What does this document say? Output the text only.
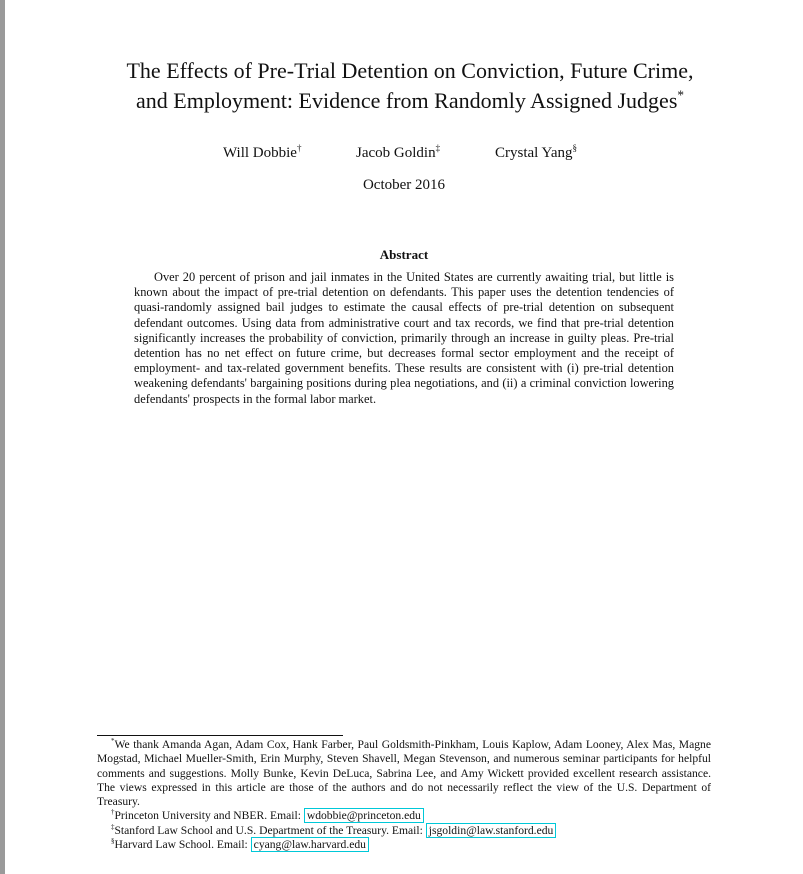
The Effects of Pre-Trial Detention on Conviction, Future Crime,
and Employment: Evidence from Randomly Assigned Judges*
Will Dobbie†	Jacob Goldin‡	Crystal Yang§
October 2016
Abstract

Over 20 percent of prison and jail inmates in the United States are currently awaiting trial, but little is known about the impact of pre-trial detention on defendants. This paper uses the detention tendencies of quasi-randomly assigned bail judges to estimate the causal effects of pre-trial detention on subsequent defendant outcomes. Using data from administrative court and tax records, we find that pre-trial detention significantly increases the probability of conviction, primarily through an increase in guilty pleas. Pre-trial detention has no net effect on future crime, but decreases formal sector employment and the receipt of employment- and tax-related government benefits. These results are consistent with (i) pre-trial detention weakening defendants' bargaining positions during plea negotiations, and (ii) a criminal conviction lowering defendants' prospects in the formal labor market.

*We thank Amanda Agan, Adam Cox, Hank Farber, Paul Goldsmith-Pinkham, Louis Kaplow, Adam Looney, Alex Mas, Magne Mogstad, Michael Mueller-Smith, Erin Murphy, Steven Shavell, Megan Stevenson, and numerous seminar participants for helpful comments and suggestions. Molly Bunke, Kevin DeLuca, Sabrina Lee, and Amy Wickett provided excellent research assistance. The views expressed in this article are those of the authors and do not necessarily reflect the view of the U.S. Department of Treasury.

†Princeton University and NBER. Email: wdobbie@princeton.edu

‡Stanford Law School and U.S. Department of the Treasury. Email: jsgoldin@law.stanford.edu

§Harvard Law School. Email: cyang@law.harvard.edu
